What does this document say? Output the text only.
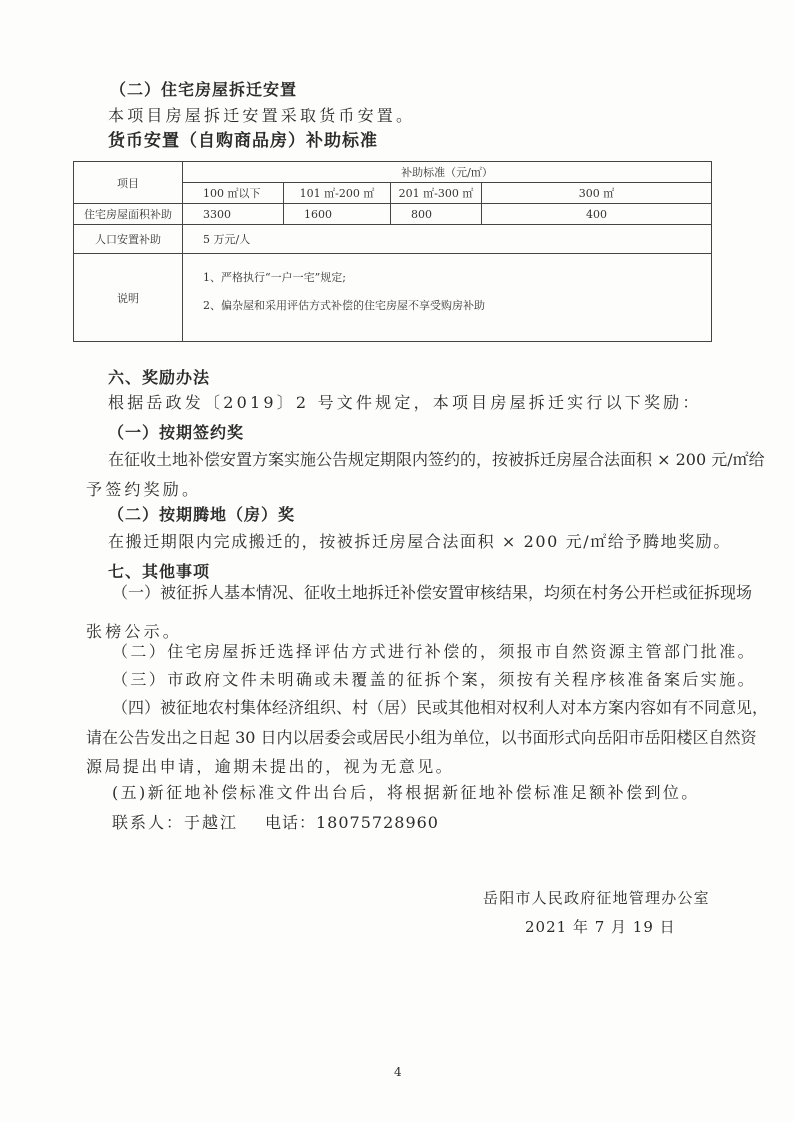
（二）住宅房屋拆迁安置
本项目房屋拆迁安置采取货币安置。
货币安置（自购商品房）补助标准
项目	补助标准（元/㎡）			
	100 ㎡以下	101 ㎡-200 ㎡	201 ㎡-300 ㎡	300 ㎡
住宅房屋面积补助	3300	1600	800	400
人口安置补助	5 万元/人			
说明	1、严格执行“一户一宅”规定;
2、偏杂屋和采用评估方式补偿的住宅房屋不享受购房补助			
六、奖励办法
根据岳政发〔2019〕2 号文件规定，本项目房屋拆迁实行以下奖励：
（一）按期签约奖
在征收土地补偿安置方案实施公告规定期限内签约的，按被拆迁房屋合法面积 × 200 元/㎡给
予签约奖励。
（二）按期腾地（房）奖
在搬迁期限内完成搬迁的，按被拆迁房屋合法面积 × 200 元/㎡给予腾地奖励。
七、其他事项
（一）被征拆人基本情况、征收土地拆迁补偿安置审核结果，均须在村务公开栏或征拆现场
张榜公示。
（二）住宅房屋拆迁选择评估方式进行补偿的，须报市自然资源主管部门批准。
（三）市政府文件未明确或未覆盖的征拆个案，须按有关程序核准备案后实施。
（四）被征地农村集体经济组织、村（居）民或其他相对权利人对本方案内容如有不同意见，
请在公告发出之日起 30 日内以居委会或居民小组为单位，以书面形式向岳阳市岳阳楼区自然资
源局提出申请，逾期未提出的，视为无意见。
(五)新征地补偿标准文件出台后，将根据新征地补偿标准足额补偿到位。
联系人：于越江 电话：18075728960
岳阳市人民政府征地管理办公室
2021 年 7 月 19 日
4
